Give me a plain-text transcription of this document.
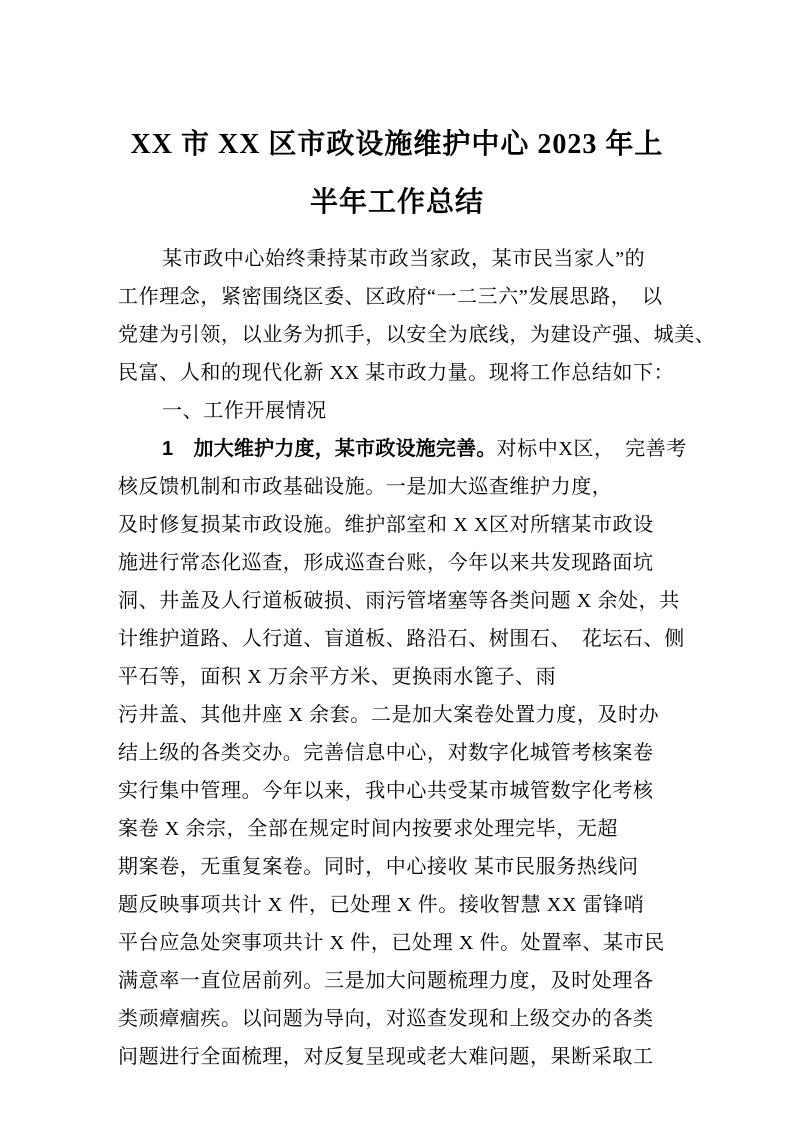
XX 市 XX 区市政设施维护中心 2023 年上
半年工作总结
某市政中心始终秉持某市政当家政，某市民当家人”的
工作理念，紧密围绕区委、区政府“一二三六”发展思路，　以
党建为引领，以业务为抓手，以安全为底线，为建设产强、城美、
民富、人和的现代化新 XX 某市政力量。现将工作总结如下：
一、工作开展情况
1　加大维护力度，某市政设施完善。对标中X区，　完善考
核反馈机制和市政基础设施。一是加大巡查维护力度，
及时修复损某市政设施。维护部室和 X X区对所辖某市政设
施进行常态化巡查，形成巡查台账，今年以来共发现路面坑
洞、井盖及人行道板破损、雨污管堵塞等各类问题 X 余处，共
计维护道路、人行道、盲道板、路沿石、树围石、　花坛石、侧
平石等，面积 X 万余平方米、更换雨水篦子、雨
污井盖、其他井座 X 余套。二是加大案卷处置力度，及时办
结上级的各类交办。完善信息中心，对数字化城管考核案卷
实行集中管理。今年以来，我中心共受某市城管数字化考核
案卷 X 余宗，全部在规定时间内按要求处理完毕，无超
期案卷，无重复案卷。同时，中心接收 某市民服务热线问
题反映事项共计 X 件，已处理 X 件。接收智慧 XX 雷锋哨
平台应急处突事项共计 X 件，已处理 X 件。处置率、某市民
满意率一直位居前列。三是加大问题梳理力度，及时处理各
类顽瘴痼疾。以问题为导向，对巡查发现和上级交办的各类
问题进行全面梳理，对反复呈现或老大难问题，果断采取工
